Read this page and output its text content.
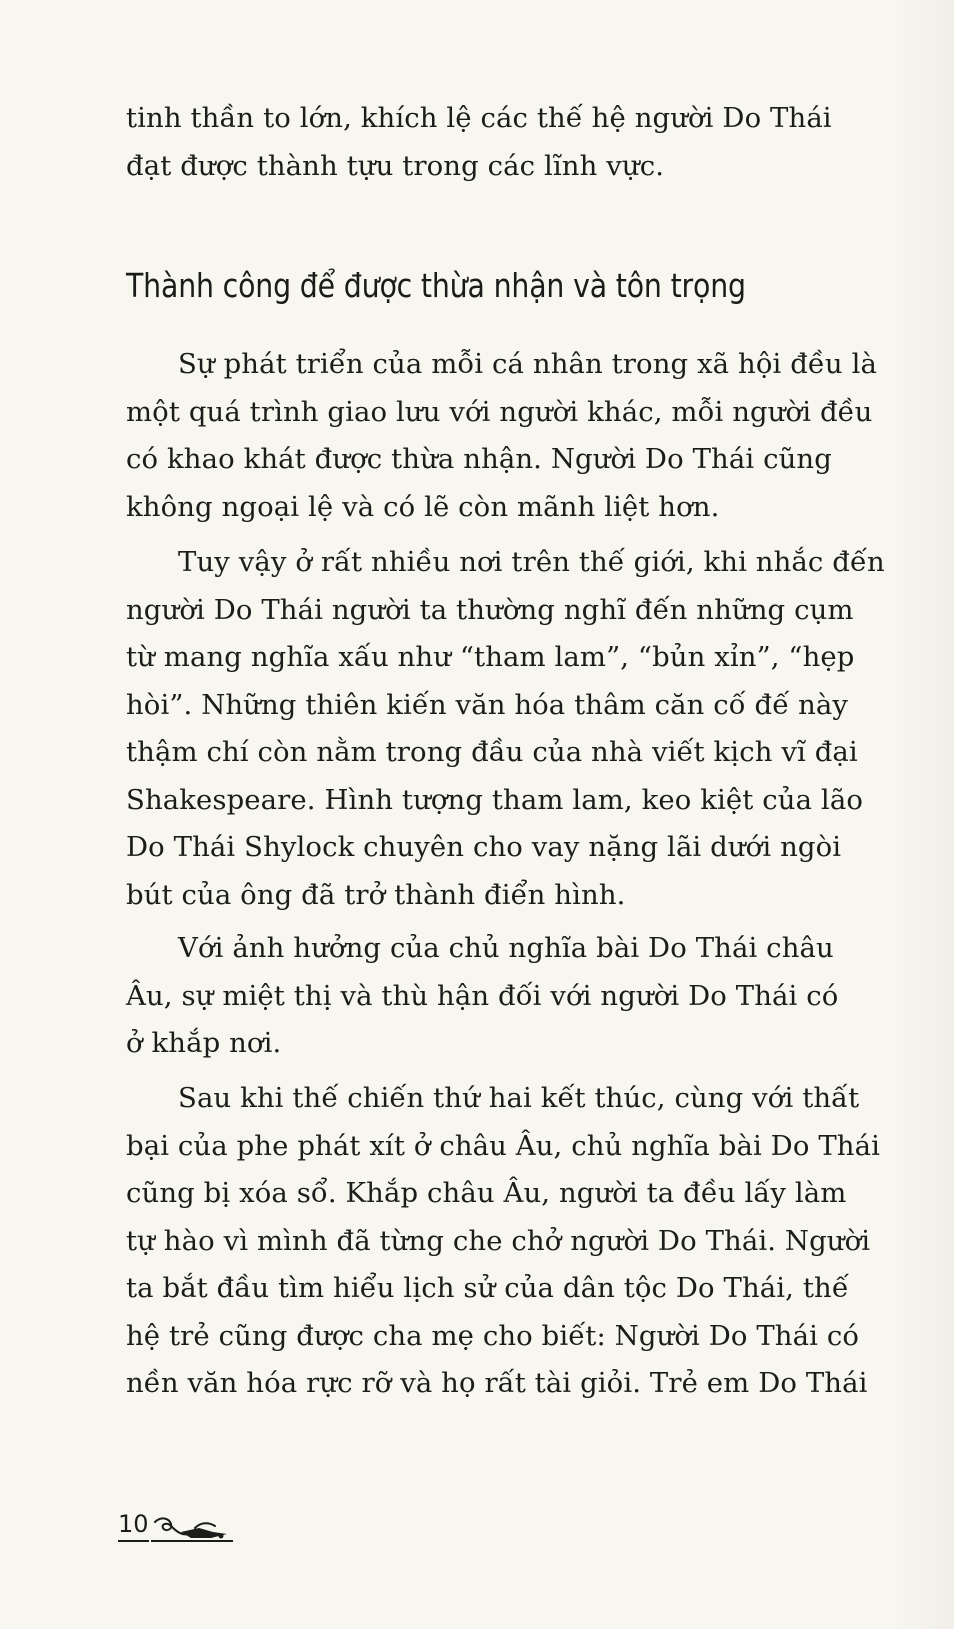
tinh thần to lớn, khích lệ các thế hệ người Do Thái
đạt được thành tựu trong các lĩnh vực.
Thành công để được thừa nhận và tôn trọng
Sự phát triển của mỗi cá nhân trong xã hội đều là
một quá trình giao lưu với người khác, mỗi người đều
có khao khát được thừa nhận. Người Do Thái cũng
không ngoại lệ và có lẽ còn mãnh liệt hơn.
Tuy vậy ở rất nhiều nơi trên thế giới, khi nhắc đến
người Do Thái người ta thường nghĩ đến những cụm
từ mang nghĩa xấu như “tham lam”, “bủn xỉn”, “hẹp
hòi”. Những thiên kiến văn hóa thâm căn cố đế này
thậm chí còn nằm trong đầu của nhà viết kịch vĩ đại
Shakespeare. Hình tượng tham lam, keo kiệt của lão
Do Thái Shylock chuyên cho vay nặng lãi dưới ngòi
bút của ông đã trở thành điển hình.
Với ảnh hưởng của chủ nghĩa bài Do Thái châu
Âu, sự miệt thị và thù hận đối với người Do Thái có
ở khắp nơi.
Sau khi thế chiến thứ hai kết thúc, cùng với thất
bại của phe phát xít ở châu Âu, chủ nghĩa bài Do Thái
cũng bị xóa sổ. Khắp châu Âu, người ta đều lấy làm
tự hào vì mình đã từng che chở người Do Thái. Người
ta bắt đầu tìm hiểu lịch sử của dân tộc Do Thái, thế
hệ trẻ cũng được cha mẹ cho biết: Người Do Thái có
nền văn hóa rực rỡ và họ rất tài giỏi. Trẻ em Do Thái
10
